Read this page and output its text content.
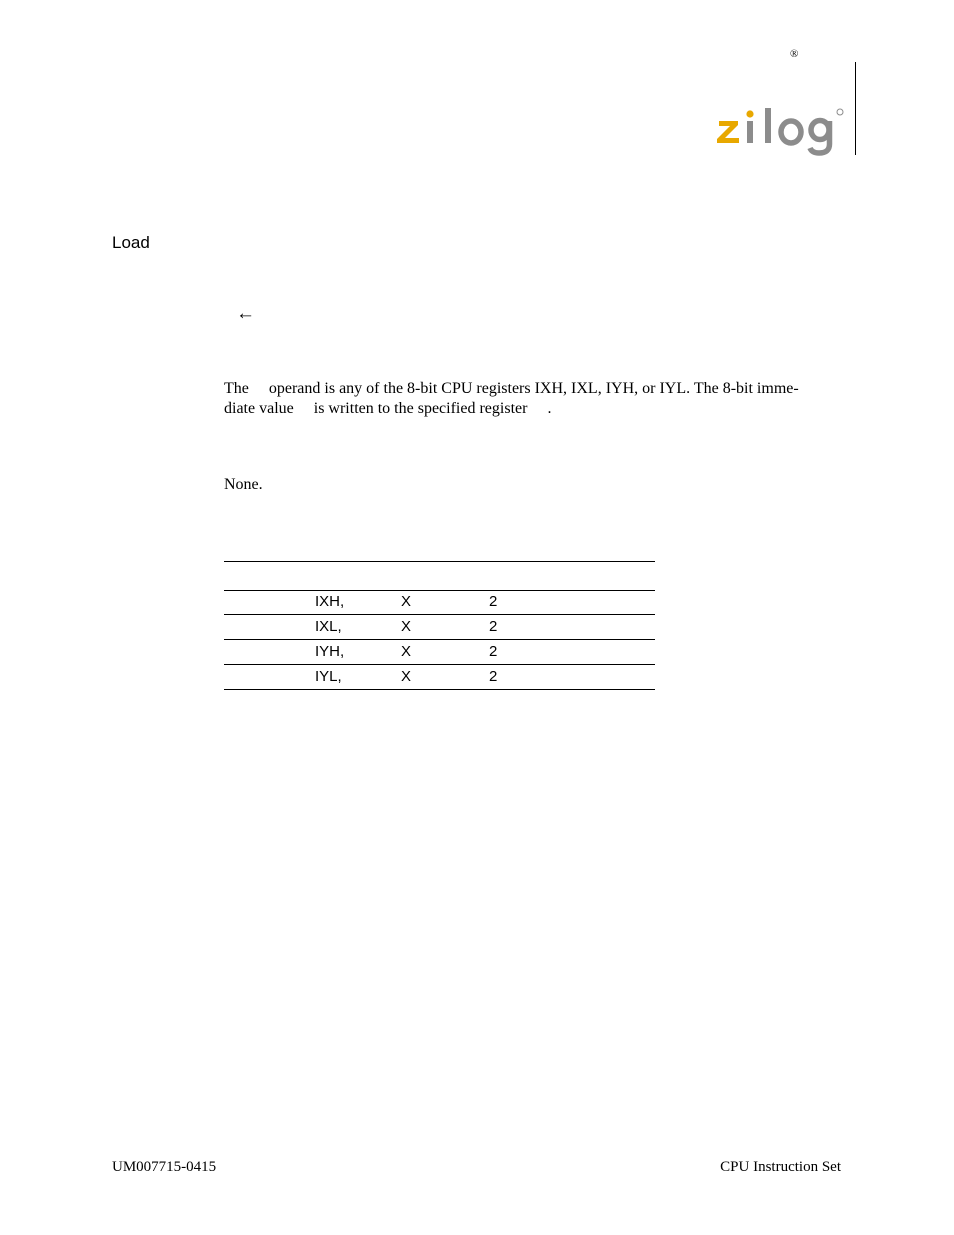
®
Load
←
The     operand is any of the 8-bit CPU registers IXH, IXL, IYH, or IYL. The 8-bit imme-
diate value     is written to the specified register     .
None.
IXH,	X	2
IXL,	X	2
IYH,	X	2
IYL,	X	2
UM007715-0415	CPU Instruction Set
